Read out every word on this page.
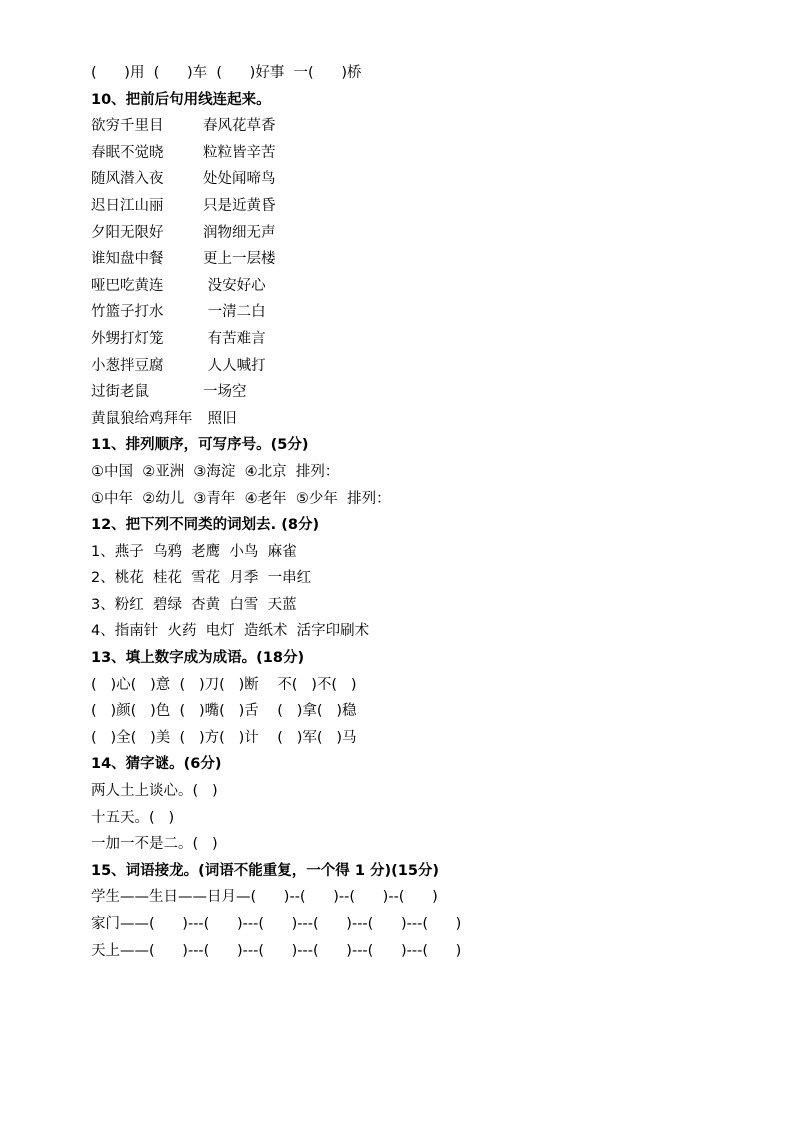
(      )用  (      )车  (      )好事  一(      )桥
10、把前后句用线连起来。
欲穷千里目	春风花草香
春眠不觉晓	粒粒皆辛苦
随风潜入夜	处处闻啼鸟
迟日江山丽	只是近黄昏
夕阳无限好	润物细无声
谁知盘中餐	更上一层楼
哑巴吃黄连	没安好心
竹篮子打水	一清二白
外甥打灯笼	有苦难言
小葱拌豆腐	人人喊打
过街老鼠	一场空
黄鼠狼给鸡拜年 照旧
11、排列顺序，可写序号。(5分)
①中国  ②亚洲  ③海淀  ④北京  排列：
①中年  ②幼儿  ③青年  ④老年  ⑤少年  排列：
12、把下列不同类的词划去. (8分)
1、燕子  乌鸦  老鹰  小鸟  麻雀
2、桃花  桂花  雪花  月季  一串红
3、粉红  碧绿  杏黄  白雪  天蓝
4、指南针  火药  电灯  造纸术  活字印刷术
13、填上数字成为成语。(18分)
(   )心(   )意  (   )刀(   )断    不(   )不(   )
(   )颜(   )色  (   )嘴(   )舌    (   )拿(   )稳
(   )全(   )美  (   )方(   )计    (   )军(   )马
14、猜字谜。(6分)
两人土上谈心。(   )
十五天。(   )
一加一不是二。(   )
15、词语接龙。(词语不能重复，一个得 1 分)(15分)
学生——生日——日月—(      )--(      )--(      )--(      )
家门——(      )---(      )---(      )---(      )---(      )---(      )
天上——(      )---(      )---(      )---(      )---(      )---(      )
